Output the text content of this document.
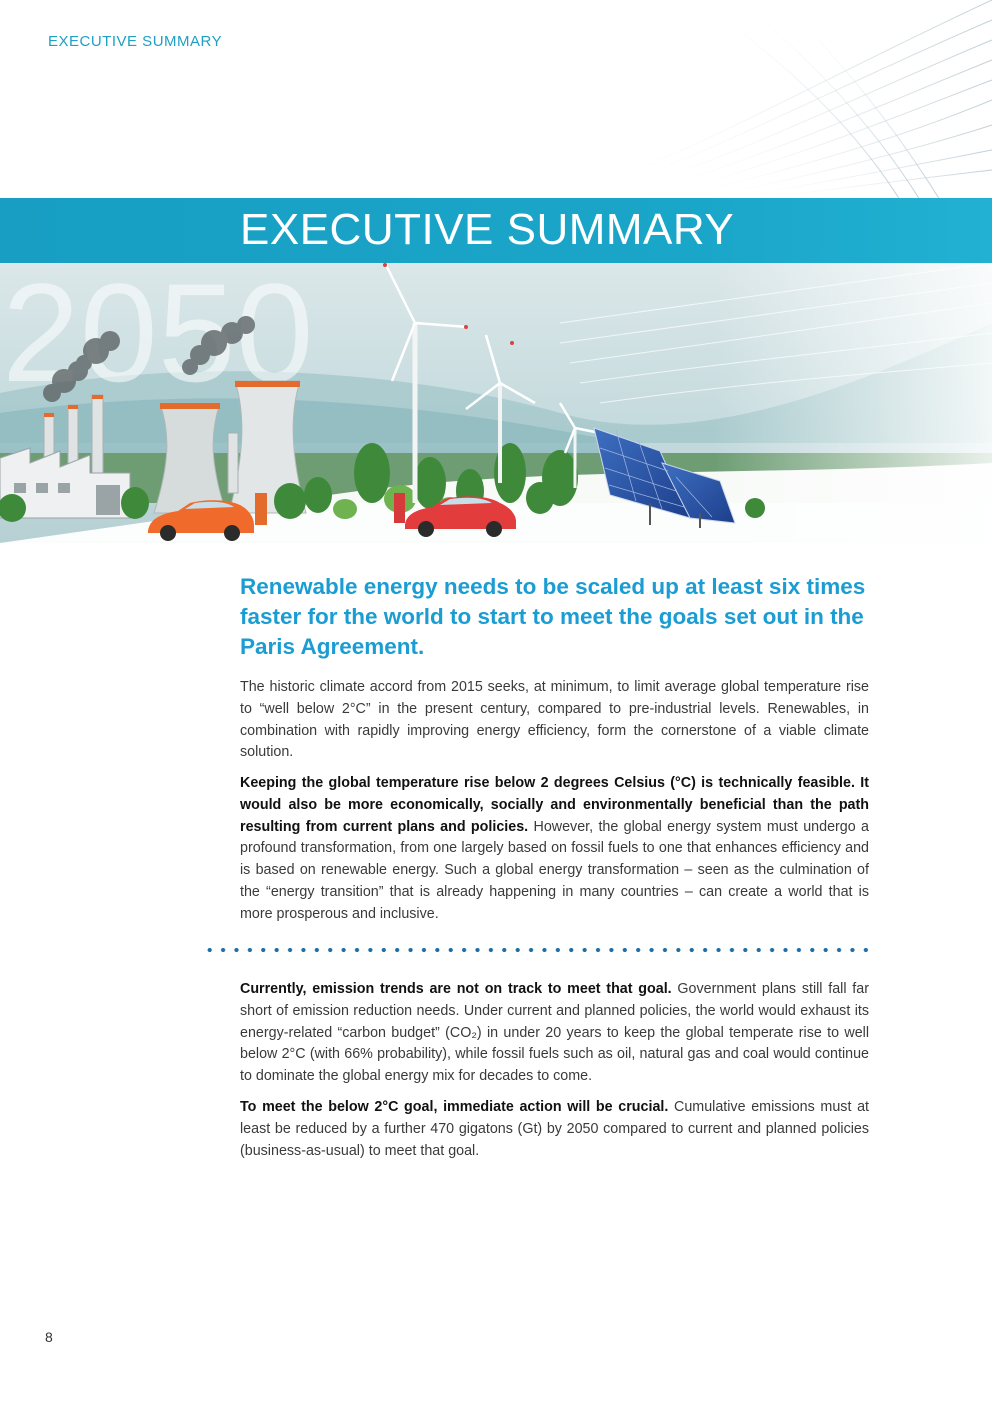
EXECUTIVE SUMMARY
EXECUTIVE SUMMARY
Renewable energy needs to be scaled up at least six times faster for the world to start to meet the goals set out in the Paris Agreement.

The historic climate accord from 2015 seeks, at minimum, to limit average global temperature rise to “well below 2°C” in the present century, compared to pre-industrial levels. Renewables, in combination with rapidly improving energy efficiency, form the cornerstone of a viable climate solution.

Keeping the global temperature rise below 2 degrees Celsius (°C) is technically feasible. It would also be more economically, socially and environmentally beneficial than the path resulting from current plans and policies. However, the global energy system must undergo a profound transformation, from one largely based on fossil fuels to one that enhances efficiency and is based on renewable energy. Such a global energy transformation – seen as the culmination of the “energy transition” that is already happening in many countries – can create a world that is more prosperous and inclusive.

Currently, emission trends are not on track to meet that goal. Government plans still fall far short of emission reduction needs. Under current and planned policies, the world would exhaust its energy-related “carbon budget” (CO₂) in under 20 years to keep the global temperate rise to well below 2°C (with 66% probability), while fossil fuels such as oil, natural gas and coal would continue to dominate the global energy mix for decades to come.

To meet the below 2°C goal, immediate action will be crucial. Cumulative emissions must at least be reduced by a further 470 gigatons (Gt) by 2050 compared to current and planned policies (business-as-usual) to meet that goal.

8
